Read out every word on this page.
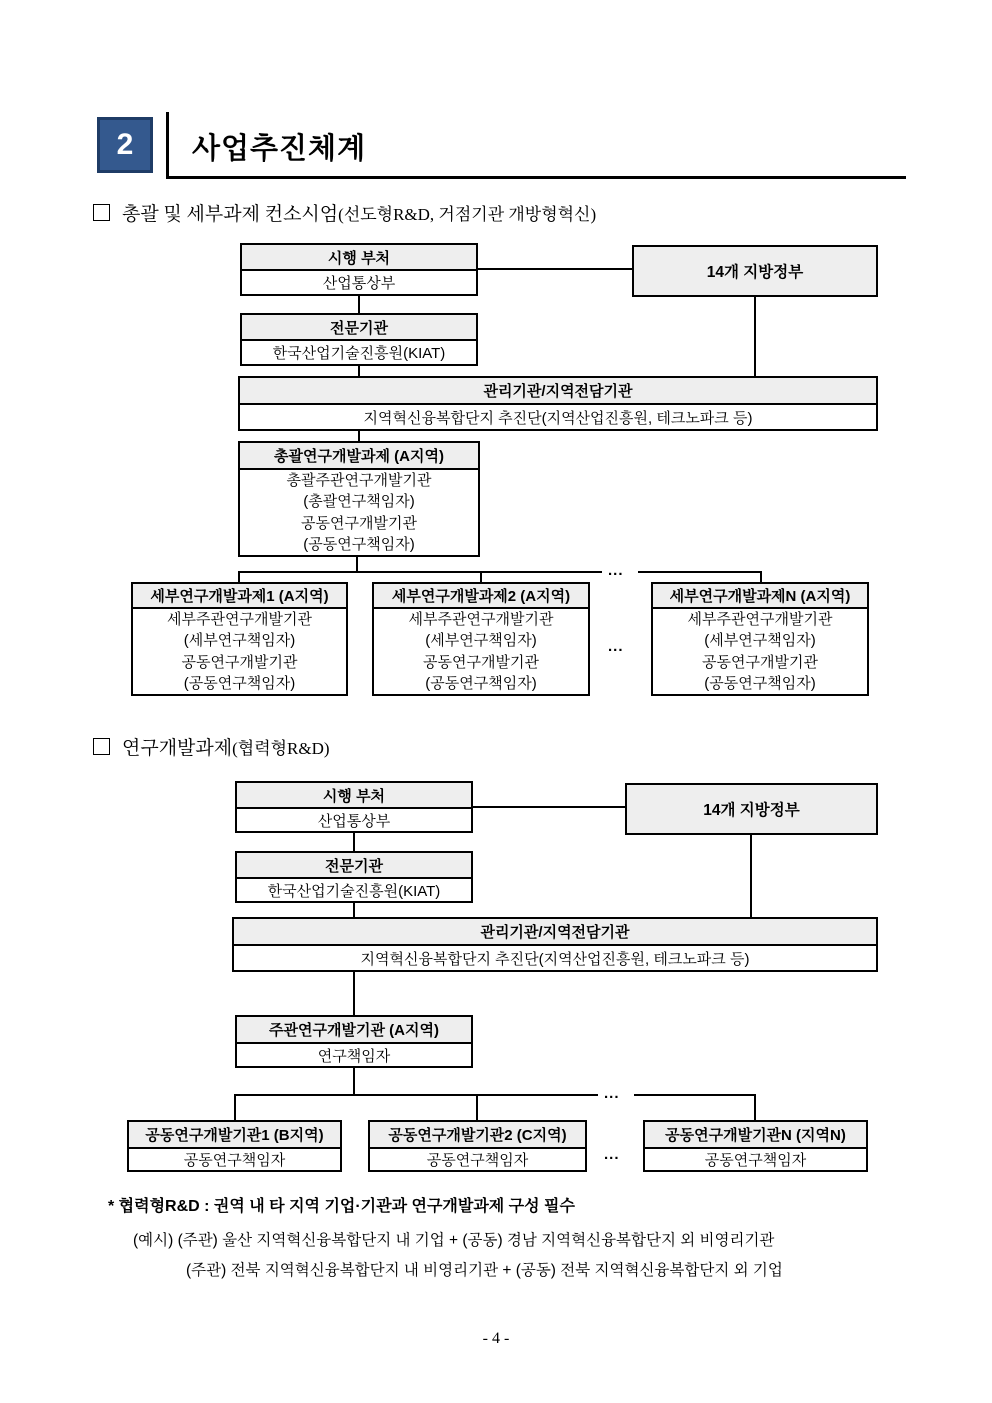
2	사업추진체계
총괄 및 세부과제 컨소시엄 (선도형R&D, 거점기관 개방형혁신)
시행 부처
산업통상부
14개 지방정부
전문기관
한국산업기술진흥원(KIAT)
관리기관/지역전담기관
지역혁신융복합단지 추진단(지역산업진흥원, 테크노파크 등)
총괄연구개발과제 (A지역)
총괄주관연구개발기관
(총괄연구책임자)
공동연구개발기관
(공동연구책임자)
...
세부연구개발과제1 (A지역)
세부주관연구개발기관
(세부연구책임자)
공동연구개발기관
(공동연구책임자)
세부연구개발과제2 (A지역)
세부주관연구개발기관
(세부연구책임자)
공동연구개발기관
(공동연구책임자)
세부연구개발과제N (A지역)
세부주관연구개발기관
(세부연구책임자)
공동연구개발기관
(공동연구책임자)
...
연구개발과제 (협력형R&D)
시행 부처
산업통상부
14개 지방정부
전문기관
한국산업기술진흥원(KIAT)
관리기관/지역전담기관
지역혁신융복합단지 추진단(지역산업진흥원, 테크노파크 등)
주관연구개발기관 (A지역)
연구책임자
...
공동연구개발기관1 (B지역)
공동연구책임자
공동연구개발기관2 (C지역)
공동연구책임자
공동연구개발기관N (지역N)
공동연구책임자
...
* 협력형R&D : 권역 내 타 지역 기업·기관과 연구개발과제 구성 필수
(예시) (주관) 울산 지역혁신융복합단지 내 기업 + (공동) 경남 지역혁신융복합단지 외 비영리기관
(주관) 전북 지역혁신융복합단지 내 비영리기관 + (공동) 전북 지역혁신융복합단지 외 기업
- 4 -
